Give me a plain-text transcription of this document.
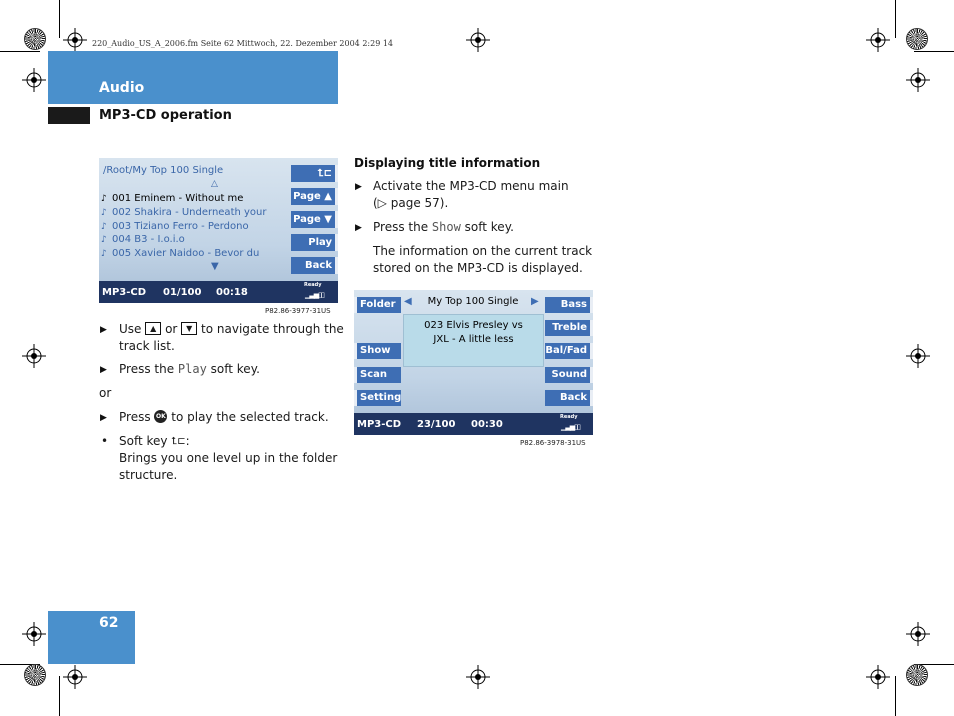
220_Audio_US_A_2006.fm Seite 62 Mittwoch, 22. Dezember 2004 2:29 14
Audio
MP3-CD operation
/Root/My Top 100 Single
△
♪ 001 Eminem - Without me
♪ 002 Shakira - Underneath your
♪ 003 Tiziano Ferro - Perdono
♪ 004 B3 - I.o.i.o
♪ 005 Xavier Naidoo - Bevor du
▼
⮤⊏
Page ▲
Page ▼
Play
Back
MP3-CD 01/100 00:18
Ready
▁▃▅▯▯
P82.86-3977-31US
▶ Use ▲ or ▼ to navigate through the
track list.
▶ Press the Play soft key.
or
▶ Press OK to play the selected track.
• Soft key ⮤⊏:
Brings you one level up in the folder
structure.
Displaying title information
▶ Activate the MP3-CD menu main
(▷ page 57).
▶ Press the Show soft key.
The information on the current track
stored on the MP3-CD is displayed.
◀	My Top 100 Single	▶
023 Elvis Presley vs
JXL - A little less
Folder
Show
Scan
Setting
Bass
Treble
Bal/Fad
Sound
Back
MP3-CD 23/100 00:30
Ready
▁▃▅▯▯
P82.86-3978-31US
62
